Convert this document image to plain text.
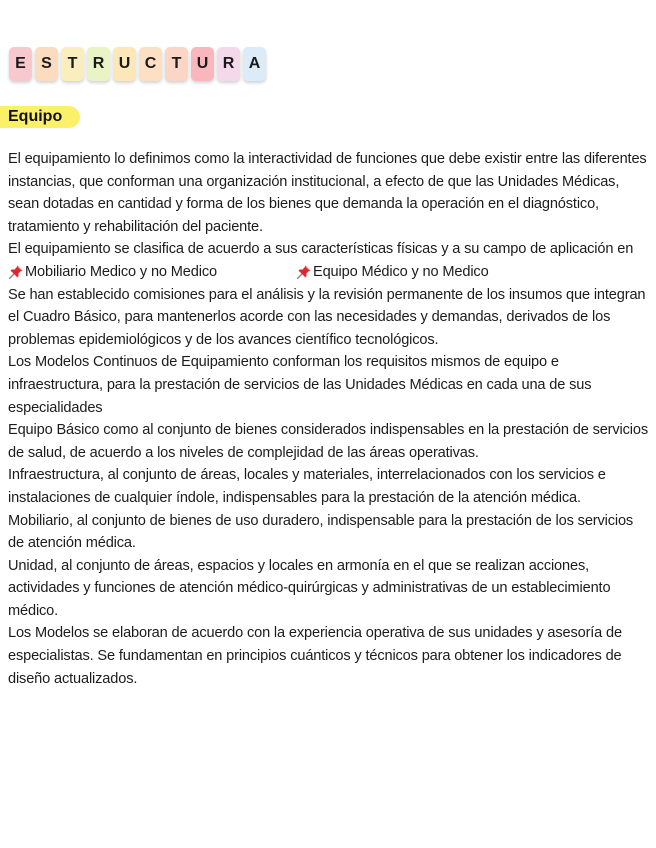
E S T R U C T U R A
Equipo

El equipamiento lo definimos como la interactividad de funciones que debe existir entre las diferentes instancias, que conforman una organización institucional, a efecto de que las Unidades Médicas, sean dotadas en cantidad y forma de los bienes que demanda la operación en el diagnóstico, tratamiento y rehabilitación del paciente.

El equipamiento se clasifica de acuerdo a sus características físicas y a su campo de aplicación en

Mobiliario Medico y no Medico	Equipo Médico y no Medico

Se han establecido comisiones para el análisis y la revisión permanente de los insumos que integran el Cuadro Básico, para mantenerlos acorde con las necesidades y demandas, derivados de los problemas epidemiológicos y de los avances científico tecnológicos.

Los Modelos Continuos de Equipamiento conforman los requisitos mismos de equipo e infraestructura, para la prestación de servicios de las Unidades Médicas en cada una de sus especialidades

Equipo Básico como al conjunto de bienes considerados indispensables en la prestación de servicios de salud, de acuerdo a los niveles de complejidad de las áreas operativas.

Infraestructura, al conjunto de áreas, locales y materiales, interrelacionados con los servicios e instalaciones de cualquier índole, indispensables para la prestación de la atención médica.

Mobiliario, al conjunto de bienes de uso duradero, indispensable para la prestación de los servicios de atención médica.

Unidad, al conjunto de áreas, espacios y locales en armonía en el que se realizan acciones, actividades y funciones de atención médico-quirúrgicas y administrativas de un establecimiento médico.

Los Modelos se elaboran de acuerdo con la experiencia operativa de sus unidades y asesoría de especialistas. Se fundamentan en principios cuánticos y técnicos para obtener los indicadores de diseño actualizados.
